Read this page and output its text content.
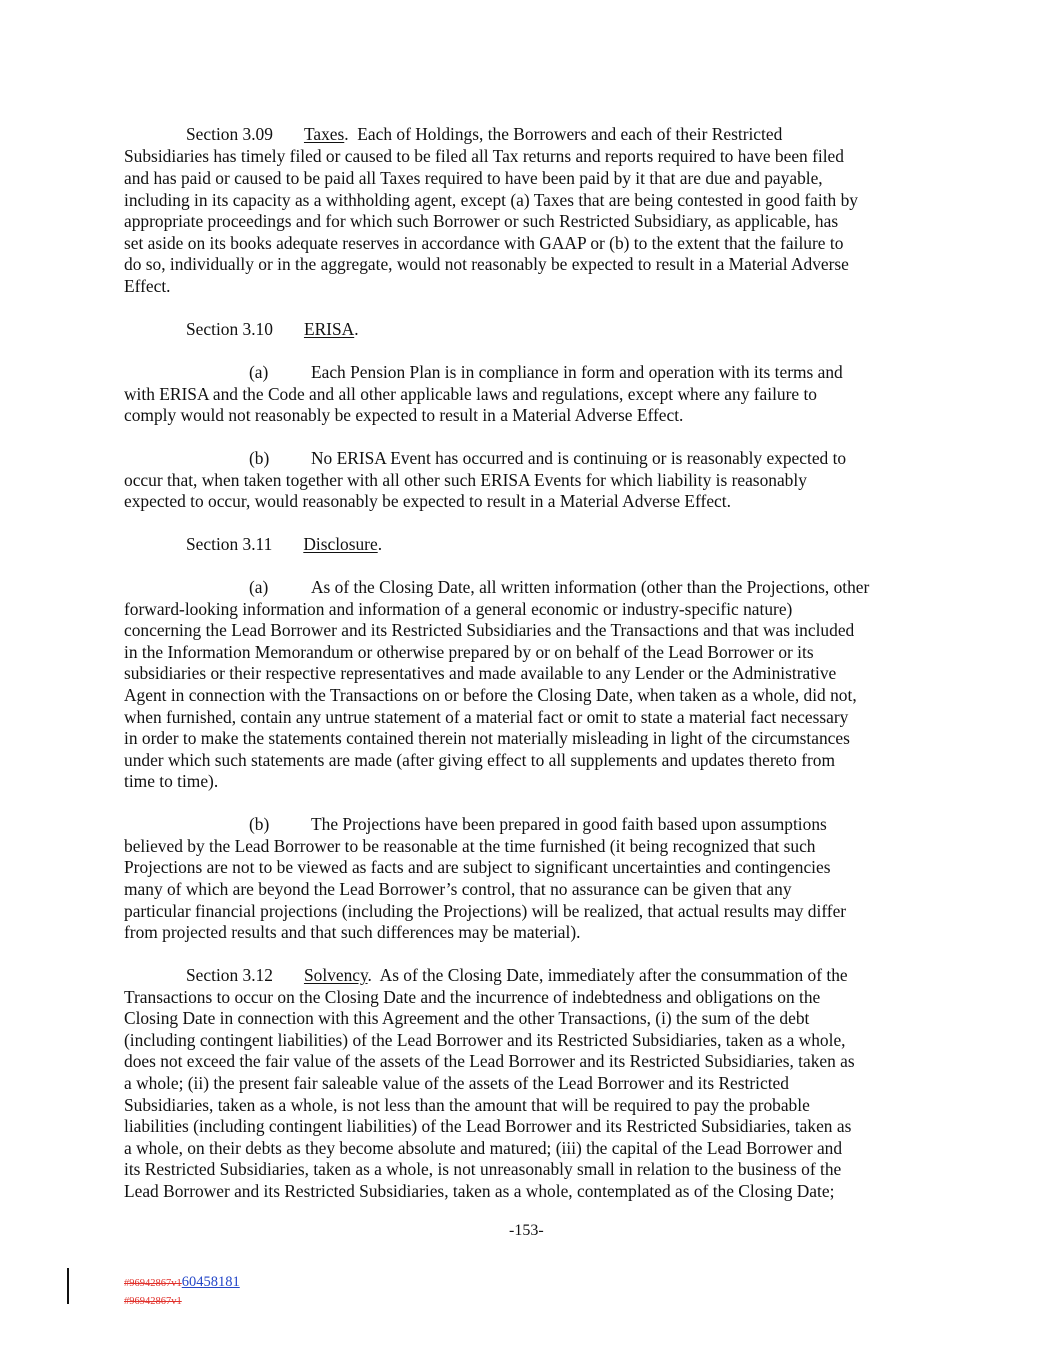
Section 3.09 Taxes.  Each of Holdings, the Borrowers and each of their Restricted
Subsidiaries has timely filed or caused to be filed all Tax returns and reports required to have been filed
and has paid or caused to be paid all Taxes required to have been paid by it that are due and payable,
including in its capacity as a withholding agent, except (a) Taxes that are being contested in good faith by
appropriate proceedings and for which such Borrower or such Restricted Subsidiary, as applicable, has
set aside on its books adequate reserves in accordance with GAAP or (b) to the extent that the failure to
do so, individually or in the aggregate, would not reasonably be expected to result in a Material Adverse
Effect.
Section 3.10 ERISA.
(a) Each Pension Plan is in compliance in form and operation with its terms and
with ERISA and the Code and all other applicable laws and regulations, except where any failure to
comply would not reasonably be expected to result in a Material Adverse Effect.
(b) No ERISA Event has occurred and is continuing or is reasonably expected to
occur that, when taken together with all other such ERISA Events for which liability is reasonably
expected to occur, would reasonably be expected to result in a Material Adverse Effect.
Section 3.11 Disclosure.
(a) As of the Closing Date, all written information (other than the Projections, other
forward-looking information and information of a general economic or industry-specific nature)
concerning the Lead Borrower and its Restricted Subsidiaries and the Transactions and that was included
in the Information Memorandum or otherwise prepared by or on behalf of the Lead Borrower or its
subsidiaries or their respective representatives and made available to any Lender or the Administrative
Agent in connection with the Transactions on or before the Closing Date, when taken as a whole, did not,
when furnished, contain any untrue statement of a material fact or omit to state a material fact necessary
in order to make the statements contained therein not materially misleading in light of the circumstances
under which such statements are made (after giving effect to all supplements and updates thereto from
time to time).
(b) The Projections have been prepared in good faith based upon assumptions
believed by the Lead Borrower to be reasonable at the time furnished (it being recognized that such
Projections are not to be viewed as facts and are subject to significant uncertainties and contingencies
many of which are beyond the Lead Borrower’s control, that no assurance can be given that any
particular financial projections (including the Projections) will be realized, that actual results may differ
from projected results and that such differences may be material).
Section 3.12 Solvency.  As of the Closing Date, immediately after the consummation of the
Transactions to occur on the Closing Date and the incurrence of indebtedness and obligations on the
Closing Date in connection with this Agreement and the other Transactions, (i) the sum of the debt
(including contingent liabilities) of the Lead Borrower and its Restricted Subsidiaries, taken as a whole,
does not exceed the fair value of the assets of the Lead Borrower and its Restricted Subsidiaries, taken as
a whole; (ii) the present fair saleable value of the assets of the Lead Borrower and its Restricted
Subsidiaries, taken as a whole, is not less than the amount that will be required to pay the probable
liabilities (including contingent liabilities) of the Lead Borrower and its Restricted Subsidiaries, taken as
a whole, on their debts as they become absolute and matured; (iii) the capital of the Lead Borrower and
its Restricted Subsidiaries, taken as a whole, is not unreasonably small in relation to the business of the
Lead Borrower and its Restricted Subsidiaries, taken as a whole, contemplated as of the Closing Date;
-153-
#96942867v160458181
#96942867v1
